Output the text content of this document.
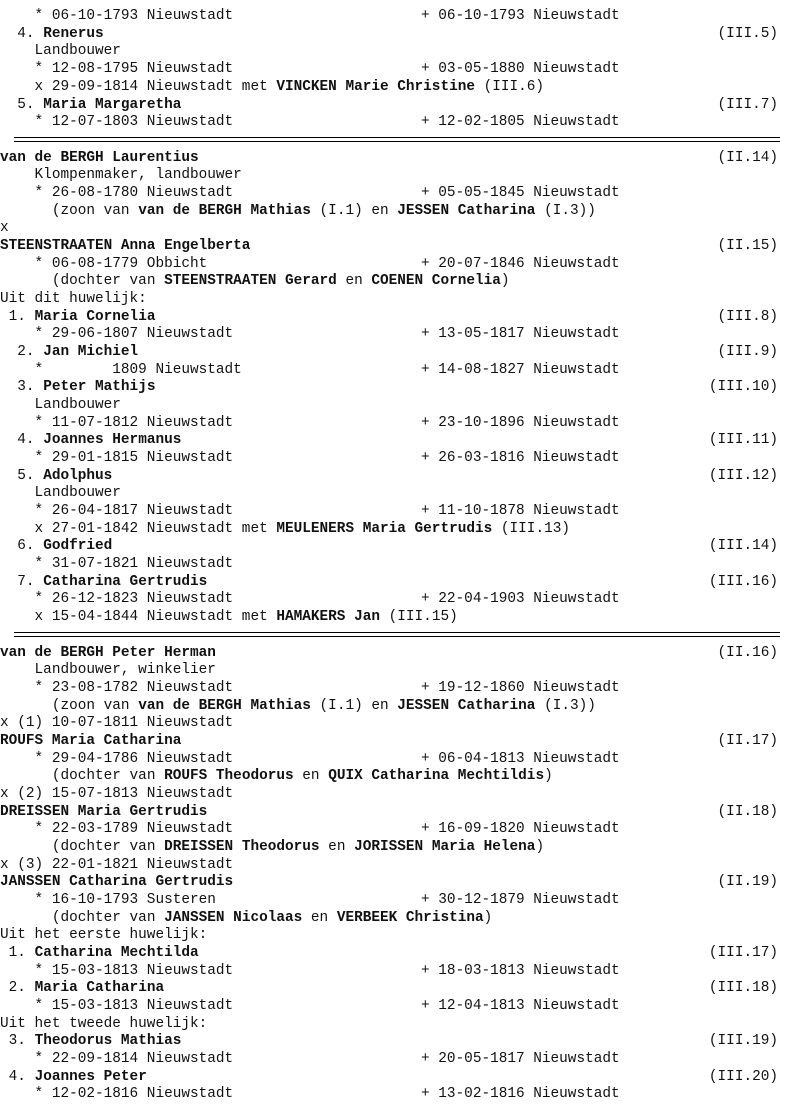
* 06-10-1793 Nieuwstadt	+ 06-10-1793 Nieuwstadt
4. Renerus	(III.5)
Landbouwer
* 12-08-1795 Nieuwstadt	+ 03-05-1880 Nieuwstadt
x 29-09-1814 Nieuwstadt met VINCKEN Marie Christine (III.6)
5. Maria Margaretha	(III.7)
* 12-07-1803 Nieuwstadt	+ 12-02-1805 Nieuwstadt
van de BERGH Laurentius	(II.14)
Klompenmaker, landbouwer
* 26-08-1780 Nieuwstadt	+ 05-05-1845 Nieuwstadt
(zoon van van de BERGH Mathias (I.1) en JESSEN Catharina (I.3))
x
STEENSTRAATEN Anna Engelberta	(II.15)
* 06-08-1779 Obbicht	+ 20-07-1846 Nieuwstadt
(dochter van STEENSTRAATEN Gerard en COENEN Cornelia)
Uit dit huwelijk:
1. Maria Cornelia	(III.8)
* 29-06-1807 Nieuwstadt	+ 13-05-1817 Nieuwstadt
2. Jan Michiel	(III.9)
*        1809 Nieuwstadt	+ 14-08-1827 Nieuwstadt
3. Peter Mathijs	(III.10)
Landbouwer
* 11-07-1812 Nieuwstadt	+ 23-10-1896 Nieuwstadt
4. Joannes Hermanus	(III.11)
* 29-01-1815 Nieuwstadt	+ 26-03-1816 Nieuwstadt
5. Adolphus	(III.12)
Landbouwer
* 26-04-1817 Nieuwstadt	+ 11-10-1878 Nieuwstadt
x 27-01-1842 Nieuwstadt met MEULENERS Maria Gertrudis (III.13)
6. Godfried	(III.14)
* 31-07-1821 Nieuwstadt
7. Catharina Gertrudis	(III.16)
* 26-12-1823 Nieuwstadt	+ 22-04-1903 Nieuwstadt
x 15-04-1844 Nieuwstadt met HAMAKERS Jan (III.15)
van de BERGH Peter Herman	(II.16)
Landbouwer, winkelier
* 23-08-1782 Nieuwstadt	+ 19-12-1860 Nieuwstadt
(zoon van van de BERGH Mathias (I.1) en JESSEN Catharina (I.3))
x (1) 10-07-1811 Nieuwstadt
ROUFS Maria Catharina	(II.17)
* 29-04-1786 Nieuwstadt	+ 06-04-1813 Nieuwstadt
(dochter van ROUFS Theodorus en QUIX Catharina Mechtildis)
x (2) 15-07-1813 Nieuwstadt
DREISSEN Maria Gertrudis	(II.18)
* 22-03-1789 Nieuwstadt	+ 16-09-1820 Nieuwstadt
(dochter van DREISSEN Theodorus en JORISSEN Maria Helena)
x (3) 22-01-1821 Nieuwstadt
JANSSEN Catharina Gertrudis	(II.19)
* 16-10-1793 Susteren	+ 30-12-1879 Nieuwstadt
(dochter van JANSSEN Nicolaas en VERBEEK Christina)
Uit het eerste huwelijk:
1. Catharina Mechtilda	(III.17)
* 15-03-1813 Nieuwstadt	+ 18-03-1813 Nieuwstadt
2. Maria Catharina	(III.18)
* 15-03-1813 Nieuwstadt	+ 12-04-1813 Nieuwstadt
Uit het tweede huwelijk:
3. Theodorus Mathias	(III.19)
* 22-09-1814 Nieuwstadt	+ 20-05-1817 Nieuwstadt
4. Joannes Peter	(III.20)
* 12-02-1816 Nieuwstadt	+ 13-02-1816 Nieuwstadt
